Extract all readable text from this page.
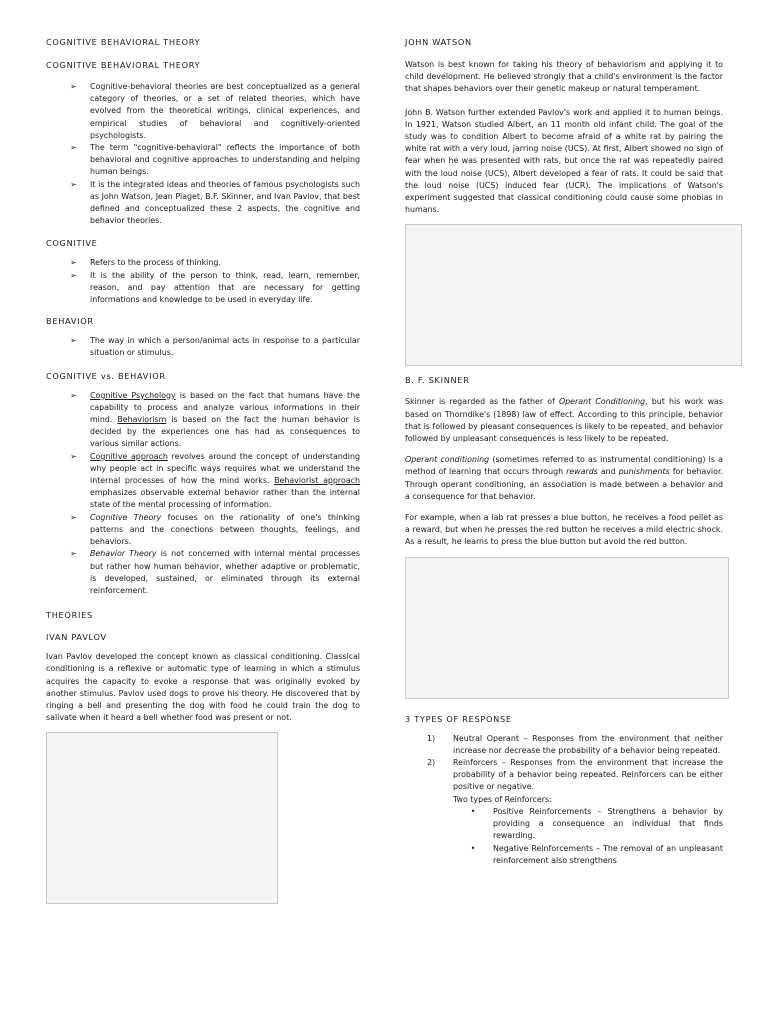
COGNITIVE BEHAVIORAL THEORY

COGNITIVE BEHAVIORAL THEORY

➢	Cognitive-behavioral theories are best conceptualized as a general category of theories, or a set of related theories, which have evolved from the theoretical writings, clinical experiences, and empirical studies of behavioral and cognitively-oriented psychologists.
➢	The term "cognitive-behavioral" reflects the importance of both behavioral and cognitive approaches to understanding and helping human beings.
➢	It is the integrated ideas and theories of famous psychologists such as John Watson, Jean Piaget, B.F. Skinner, and Ivan Pavlov, that best defined and conceptualized these 2 aspects, the cognitive and behavior theories.

COGNITIVE

➢	Refers to the process of thinking.
➢	It is the ability of the person to think, read, learn, remember, reason, and pay attention that are necessary for getting informations and knowledge to be used in everyday life.

BEHAVIOR

➢	The way in which a person/animal acts in response to a particular situation or stimulus.

COGNITIVE vs. BEHAVIOR

➢	Cognitive Psychology is based on the fact that humans have the capability to process and analyze various informations in their mind. Behaviorism is based on the fact the human behavior is decided by the experiences one has had as consequences to various similar actions.
➢	Cognitive approach revolves around the concept of understanding why people act in specific ways requires what we understand the internal processes of how the mind works. Behaviorist approach emphasizes observable external behavior rather than the internal state of the mental processing of information.
➢	Cognitive Theory focuses on the rationality of one's thinking patterns and the conections between thoughts, feelings, and behaviors.
➢	Behavior Theory is not concerned with internal mental processes but rather how human behavior, whether adaptive or problematic, is developed, sustained, or eliminated through its external reinforcement.

THEORIES

IVAN PAVLOV

Ivan Pavlov developed the concept known as classical conditioning. Classical conditioning is a reflexive or automatic type of learning in which a stimulus acquires the capacity to evoke a response that was originally evoked by another stimulus. Pavlov used dogs to prove his theory. He discovered that by ringing a bell and presenting the dog with food he could train the dog to salivate when it heard a bell whether food was present or not.

JOHN WATSON

Watson is best known for taking his theory of behaviorism and applying it to child development. He believed strongly that a child's environment is the factor that shapes behaviors over their genetic makeup or natural temperament.

John B. Watson further extended Pavlov's work and applied it to human beings. In 1921, Watson studied Albert, an 11 month old infant child. The goal of the study was to condition Albert to become afraid of a white rat by pairing the white rat with a very loud, jarring noise (UCS). At first, Albert showed no sign of fear when he was presented with rats, but once the rat was repeatedly paired with the loud noise (UCS), Albert developed a fear of rats. It could be said that the loud noise (UCS) induced fear (UCR). The implications of Watson's experiment suggested that classical conditioning could cause some phobias in humans.

B. F. SKINNER

Skinner is regarded as the father of Operant Conditioning, but his work was based on Thorndike's (1898) law of effect. According to this principle, behavior that is followed by pleasant consequences is likely to be repeated, and behavior followed by unpleasant consequences is less likely to be repeated.

Operant conditioning (sometimes referred to as instrumental conditioning) is a method of learning that occurs through rewards and punishments for behavior. Through operant conditioning, an association is made between a behavior and a consequence for that behavior.

For example, when a lab rat presses a blue button, he receives a food pellet as a reward, but when he presses the red button he receives a mild electric shock. As a result, he learns to press the blue button but avoid the red button.

3 TYPES OF RESPONSE

1)	Neutral Operant – Responses from the environment that neither increase nor decrease the probability of a behavior being repeated.
2)	Reinforcers – Responses from the environment that increase the probability of a behavior being repeated. Reinforcers can be either positive or negative.
Two types of Reinforcers:
•	Positive Reinforcements – Strengthens a behavior by providing a consequence an individual that finds rewarding.
•	Negative Reinforcements – The removal of an unpleasant reinforcement also strengthens
